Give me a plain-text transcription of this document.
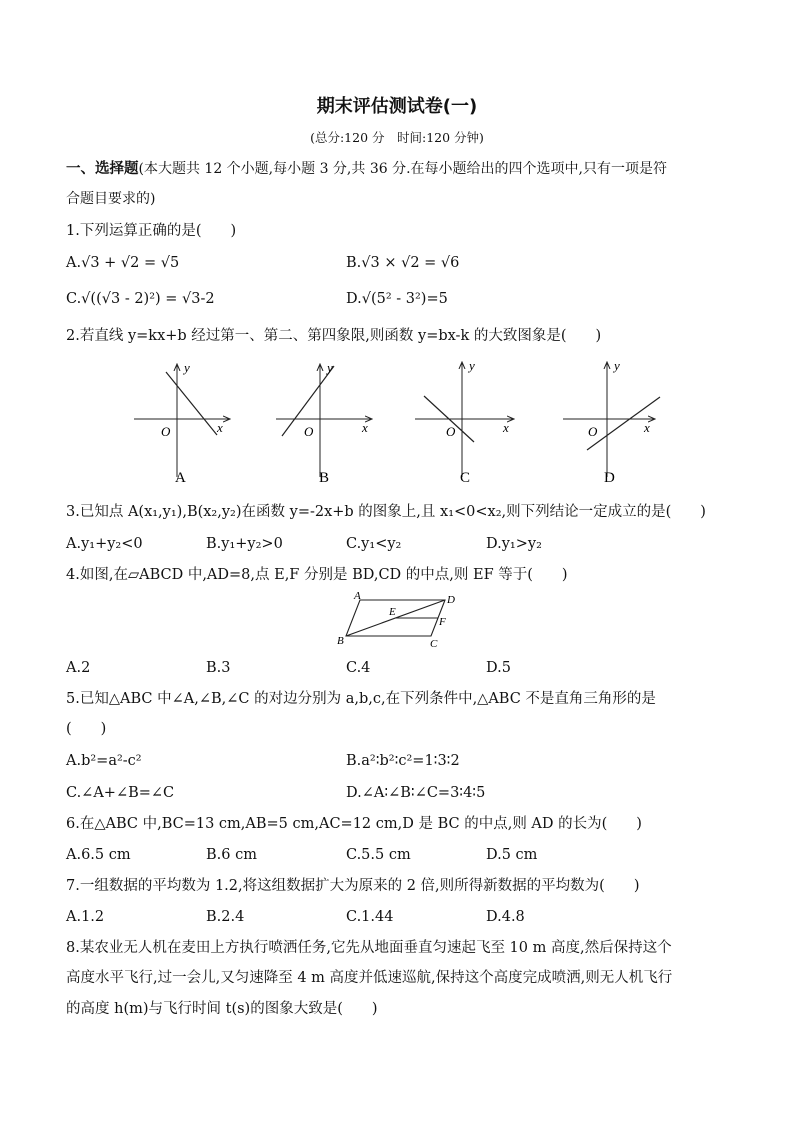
期末评估测试卷(一)
(总分:120 分　时间:120 分钟)
一、选择题(本大题共 12 个小题,每小题 3 分,共 36 分.在每小题给出的四个选项中,只有一项是符
合题目要求的)
1.下列运算正确的是(　　)
A.√3 + √2 = √5	B.√3 × √2 = √6
C.√((√3 - 2)²) = √3-2	D.√(5² - 3²)=5
2.若直线 y=kx+b 经过第一、第二、第四象限,则函数 y=bx-k 的大致图象是(　　)
y
O	x
A
y
O	x
B
y
O	x
C
y
O	x
D
3.已知点 A(x₁,y₁),B(x₂,y₂)在函数 y=-2x+b 的图象上,且 x₁<0<x₂,则下列结论一定成立的是(　　)
A.y₁+y₂<0	B.y₁+y₂>0	C.y₁<y₂	D.y₁>y₂
4.如图,在▱ABCD 中,AD=8,点 E,F 分别是 BD,CD 的中点,则 EF 等于(　　)
A	D
B	C
E
F
A.2	B.3	C.4	D.5
5.已知△ABC 中∠A,∠B,∠C 的对边分别为 a,b,c,在下列条件中,△ABC 不是直角三角形的是
(　　)
A.b²=a²-c²	B.a²∶b²∶c²=1∶3∶2
C.∠A+∠B=∠C	D.∠A∶∠B∶∠C=3∶4∶5
6.在△ABC 中,BC=13 cm,AB=5 cm,AC=12 cm,D 是 BC 的中点,则 AD 的长为(　　)
A.6.5 cm	B.6 cm	C.5.5 cm	D.5 cm
7.一组数据的平均数为 1.2,将这组数据扩大为原来的 2 倍,则所得新数据的平均数为(　　)
A.1.2	B.2.4	C.1.44	D.4.8
8.某农业无人机在麦田上方执行喷洒任务,它先从地面垂直匀速起飞至 10 m 高度,然后保持这个
高度水平飞行,过一会儿,又匀速降至 4 m 高度并低速巡航,保持这个高度完成喷洒,则无人机飞行
的高度 h(m)与飞行时间 t(s)的图象大致是(　　)
